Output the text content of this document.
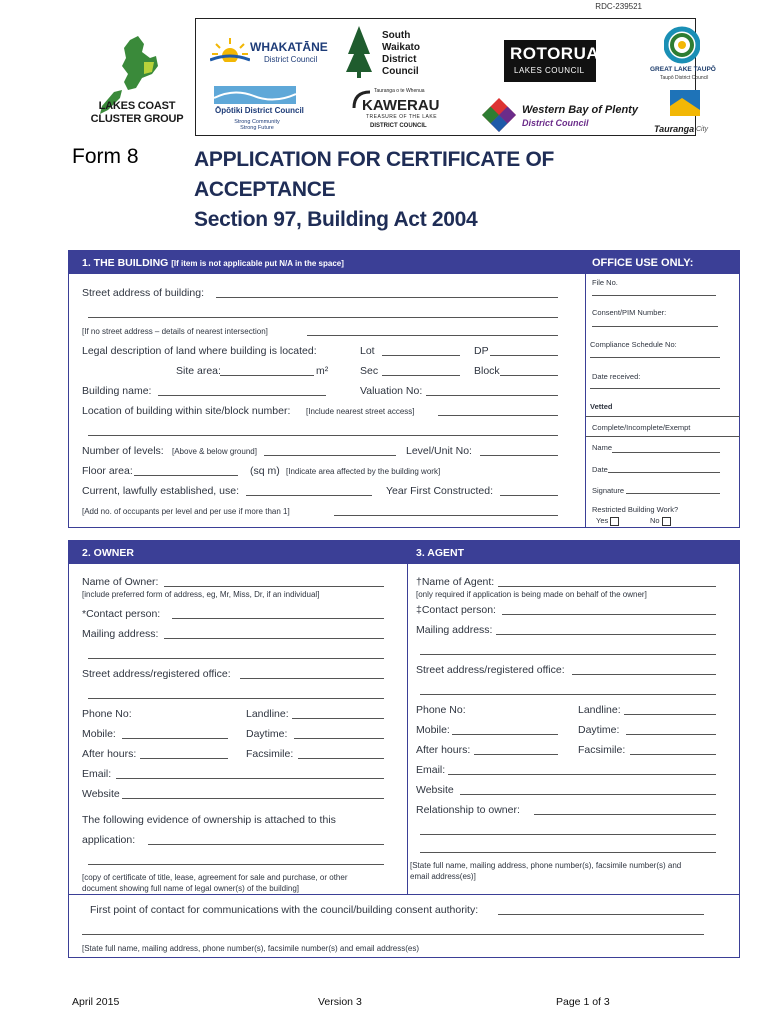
RDC-239521
LAKES COAST CLUSTER GROUP
WHAKATĀNE
District Council
South Waikato District Council
ROTORUA
LAKES COUNCIL	GREAT LAKE TAUPŌ
Taupō District Council
Ōpōtiki District Council
Strong Community Strong Future
Tauranga o te Whenua
KAWERAU
TREASURE OF THE LAKE
DISTRICT COUNCIL
Western Bay of Plenty
District Council
Tauranga City
Form 8	APPLICATION FOR CERTIFICATE OF
ACCEPTANCE
Section 97, Building Act 2004
1. THE BUILDING [If item is not applicable put N/A in the space]	OFFICE USE ONLY:
Street address of building:
[If no street address – details of nearest intersection]
Legal description of land where building is located:	Lot	DP
Site area:	m²	Sec	Block
Building name:	Valuation No:
Location of building within site/block number: [Include nearest street access]
Number of levels: [Above & below ground]	Level/Unit No:
Floor area:	(sq m) [Indicate area affected by the building work]
Current, lawfully established, use:	Year First Constructed:
[Add no. of occupants per level and per use if more than 1]
File No.
Consent/PIM Number:
Compliance Schedule No:
Date received:
Vetted
Complete/Incomplete/Exempt
Name
Date
Signature
Restricted Building Work?
Yes	No
2. OWNER	3. AGENT
Name of Owner:
[include preferred form of address, eg, Mr, Miss, Dr, if an individual]
*Contact person:
Mailing address:
Street address/registered office:
Phone No:	Landline:
Mobile:	Daytime:
After hours:	Facsimile:
Email:
Website
The following evidence of ownership is attached to this
application:
[copy of certificate of title, lease, agreement for sale and purchase, or other
document showing full name of legal owner(s) of the building]
†Name of Agent:
[only required if application is being made on behalf of the owner]
‡Contact person:
Mailing address:
Street address/registered office:
Phone No:	Landline:
Mobile:	Daytime:
After hours:	Facsimile:
Email:
Website
Relationship to owner:
[State full name, mailing address, phone number(s), facsimile number(s) and
email address(es)]
First point of contact for communications with the council/building consent authority:
[State full name, mailing address, phone number(s), facsimile number(s) and email address(es)
April 2015	Version 3	Page 1 of 3
